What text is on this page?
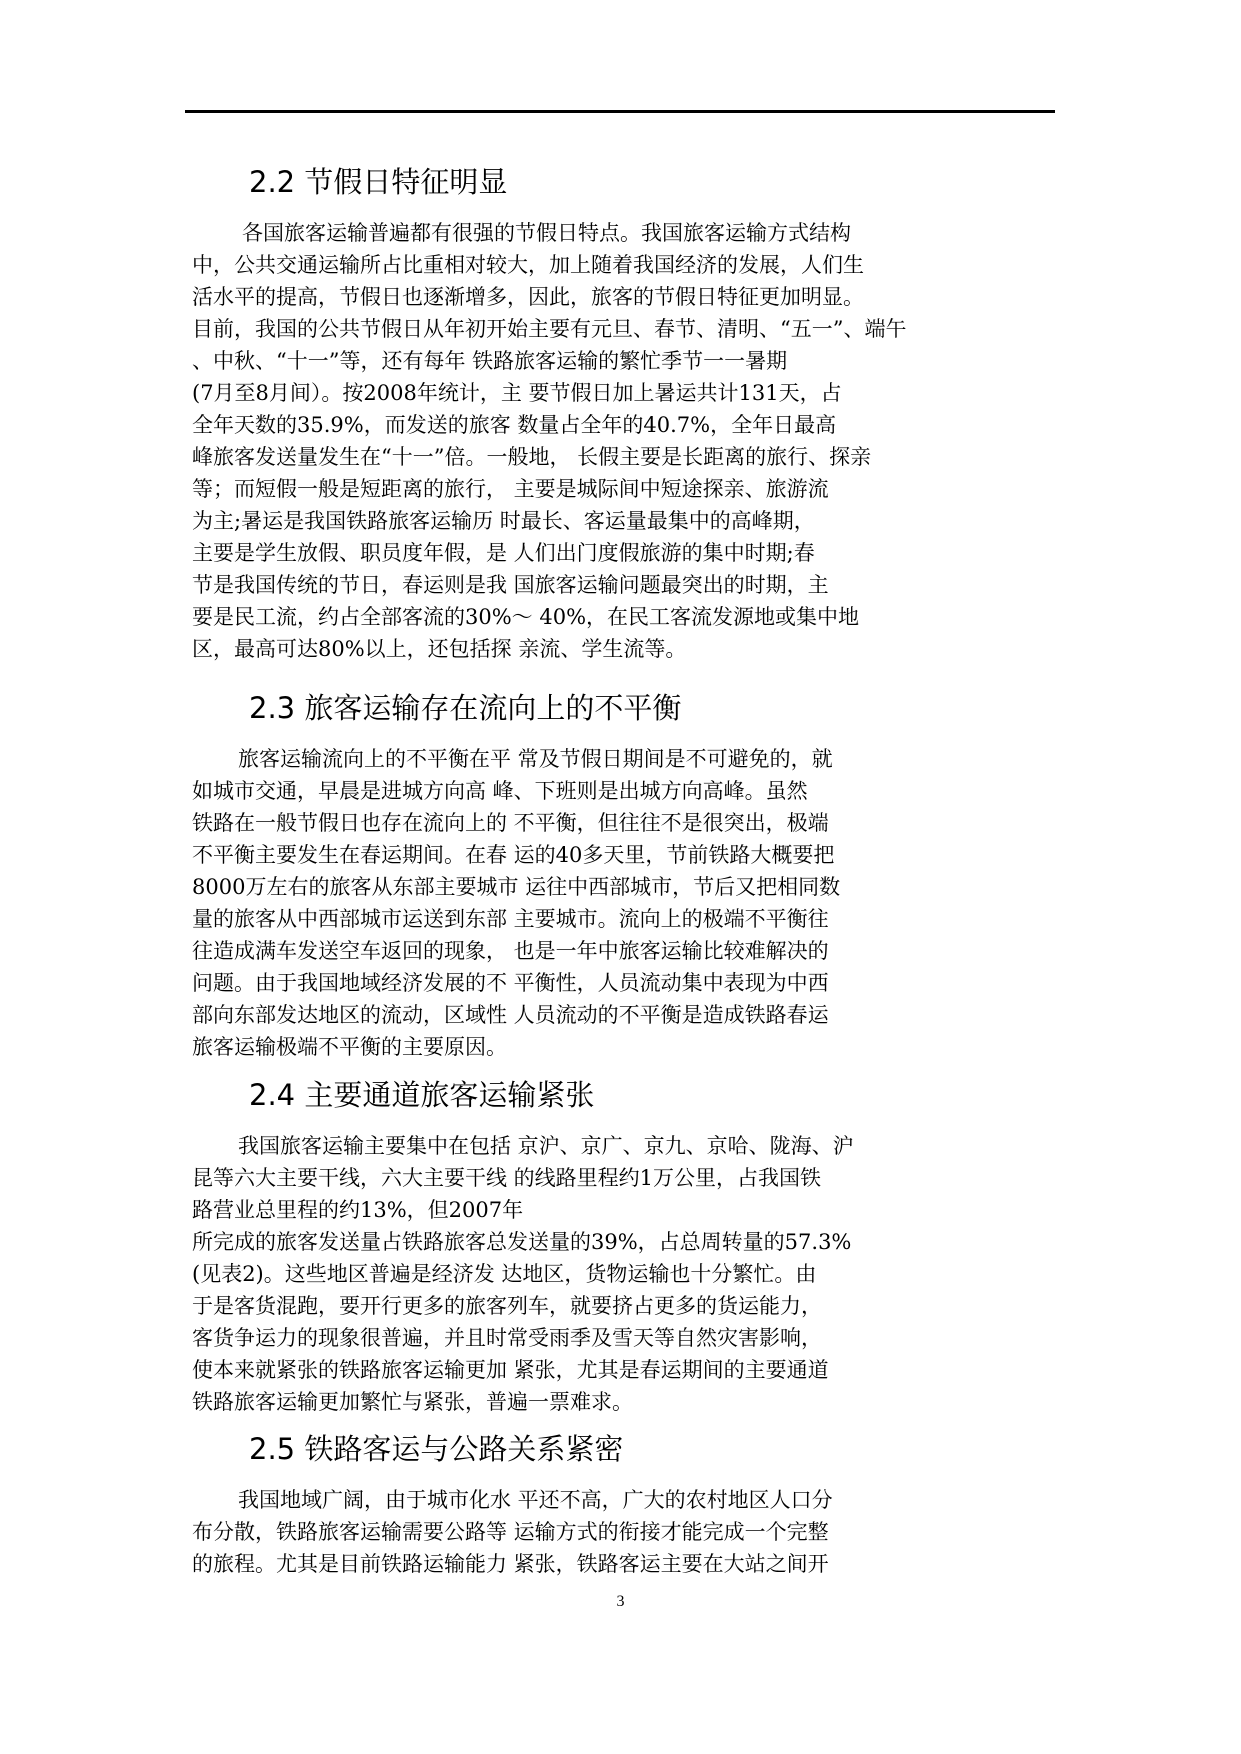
2.2 节假日特征明显

各国旅客运输普遍都有很强的节假日特点。我国旅客运输方式结构
中，公共交通运输所占比重相对较大，加上随着我国经济的发展，人们生
活水平的提高，节假日也逐渐增多，因此，旅客的节假日特征更加明显。
目前，我国的公共节假日从年初开始主要有元旦、春节、清明、“五一”、端午
、中秋、“十一”等，还有每年 铁路旅客运输的繁忙季节一一暑期
(7月至8月间）。按2008年统计，主 要节假日加上暑运共计131天，占
全年天数的35.9%，而发送的旅客 数量占全年的40.7%，全年日最高
峰旅客发送量发生在“十一”倍。一般地， 长假主要是长距离的旅行、探亲
等；而短假一般是短距离的旅行， 主要是城际间中短途探亲、旅游流
为主;暑运是我国铁路旅客运输历 时最长、客运量最集中的高峰期，
主要是学生放假、职员度年假，是 人们出门度假旅游的集中时期;春
节是我国传统的节日，春运则是我 国旅客运输问题最突出的时期，主
要是民工流，约占全部客流的30%〜 40%，在民工客流发源地或集中地
区，最高可达80%以上，还包括探 亲流、学生流等。

2.3 旅客运输存在流向上的不平衡

旅客运输流向上的不平衡在平 常及节假日期间是不可避免的，就
如城市交通，早晨是进城方向高 峰、下班则是出城方向高峰。虽然
铁路在一般节假日也存在流向上的 不平衡，但往往不是很突出，极端
不平衡主要发生在春运期间。在春 运的40多天里，节前铁路大概要把
8000万左右的旅客从东部主要城市 运往中西部城市，节后又把相同数
量的旅客从中西部城市运送到东部 主要城市。流向上的极端不平衡往
往造成满车发送空车返回的现象， 也是一年中旅客运输比较难解决的
问题。由于我国地域经济发展的不 平衡性，人员流动集中表现为中西
部向东部发达地区的流动，区域性 人员流动的不平衡是造成铁路春运
旅客运输极端不平衡的主要原因。

2.4 主要通道旅客运输紧张

我国旅客运输主要集中在包括 京沪、京广、京九、京哈、陇海、沪
昆等六大主要干线，六大主要干线 的线路里程约1万公里，占我国铁
路营业总里程的约13%，但2007年
所完成的旅客发送量占铁路旅客总发送量的39%，占总周转量的57.3%
(见表2)。这些地区普遍是经济发 达地区，货物运输也十分繁忙。由
于是客货混跑，要开行更多的旅客列车，就要挤占更多的货运能力，
客货争运力的现象很普遍，并且时常受雨季及雪天等自然灾害影响，
使本来就紧张的铁路旅客运输更加 紧张，尤其是春运期间的主要通道
铁路旅客运输更加繁忙与紧张，普遍一票难求。

2.5 铁路客运与公路关系紧密

我国地域广阔，由于城市化水 平还不高，广大的农村地区人口分
布分散，铁路旅客运输需要公路等 运输方式的衔接才能完成一个完整
的旅程。尤其是目前铁路运输能力 紧张，铁路客运主要在大站之间开

3
